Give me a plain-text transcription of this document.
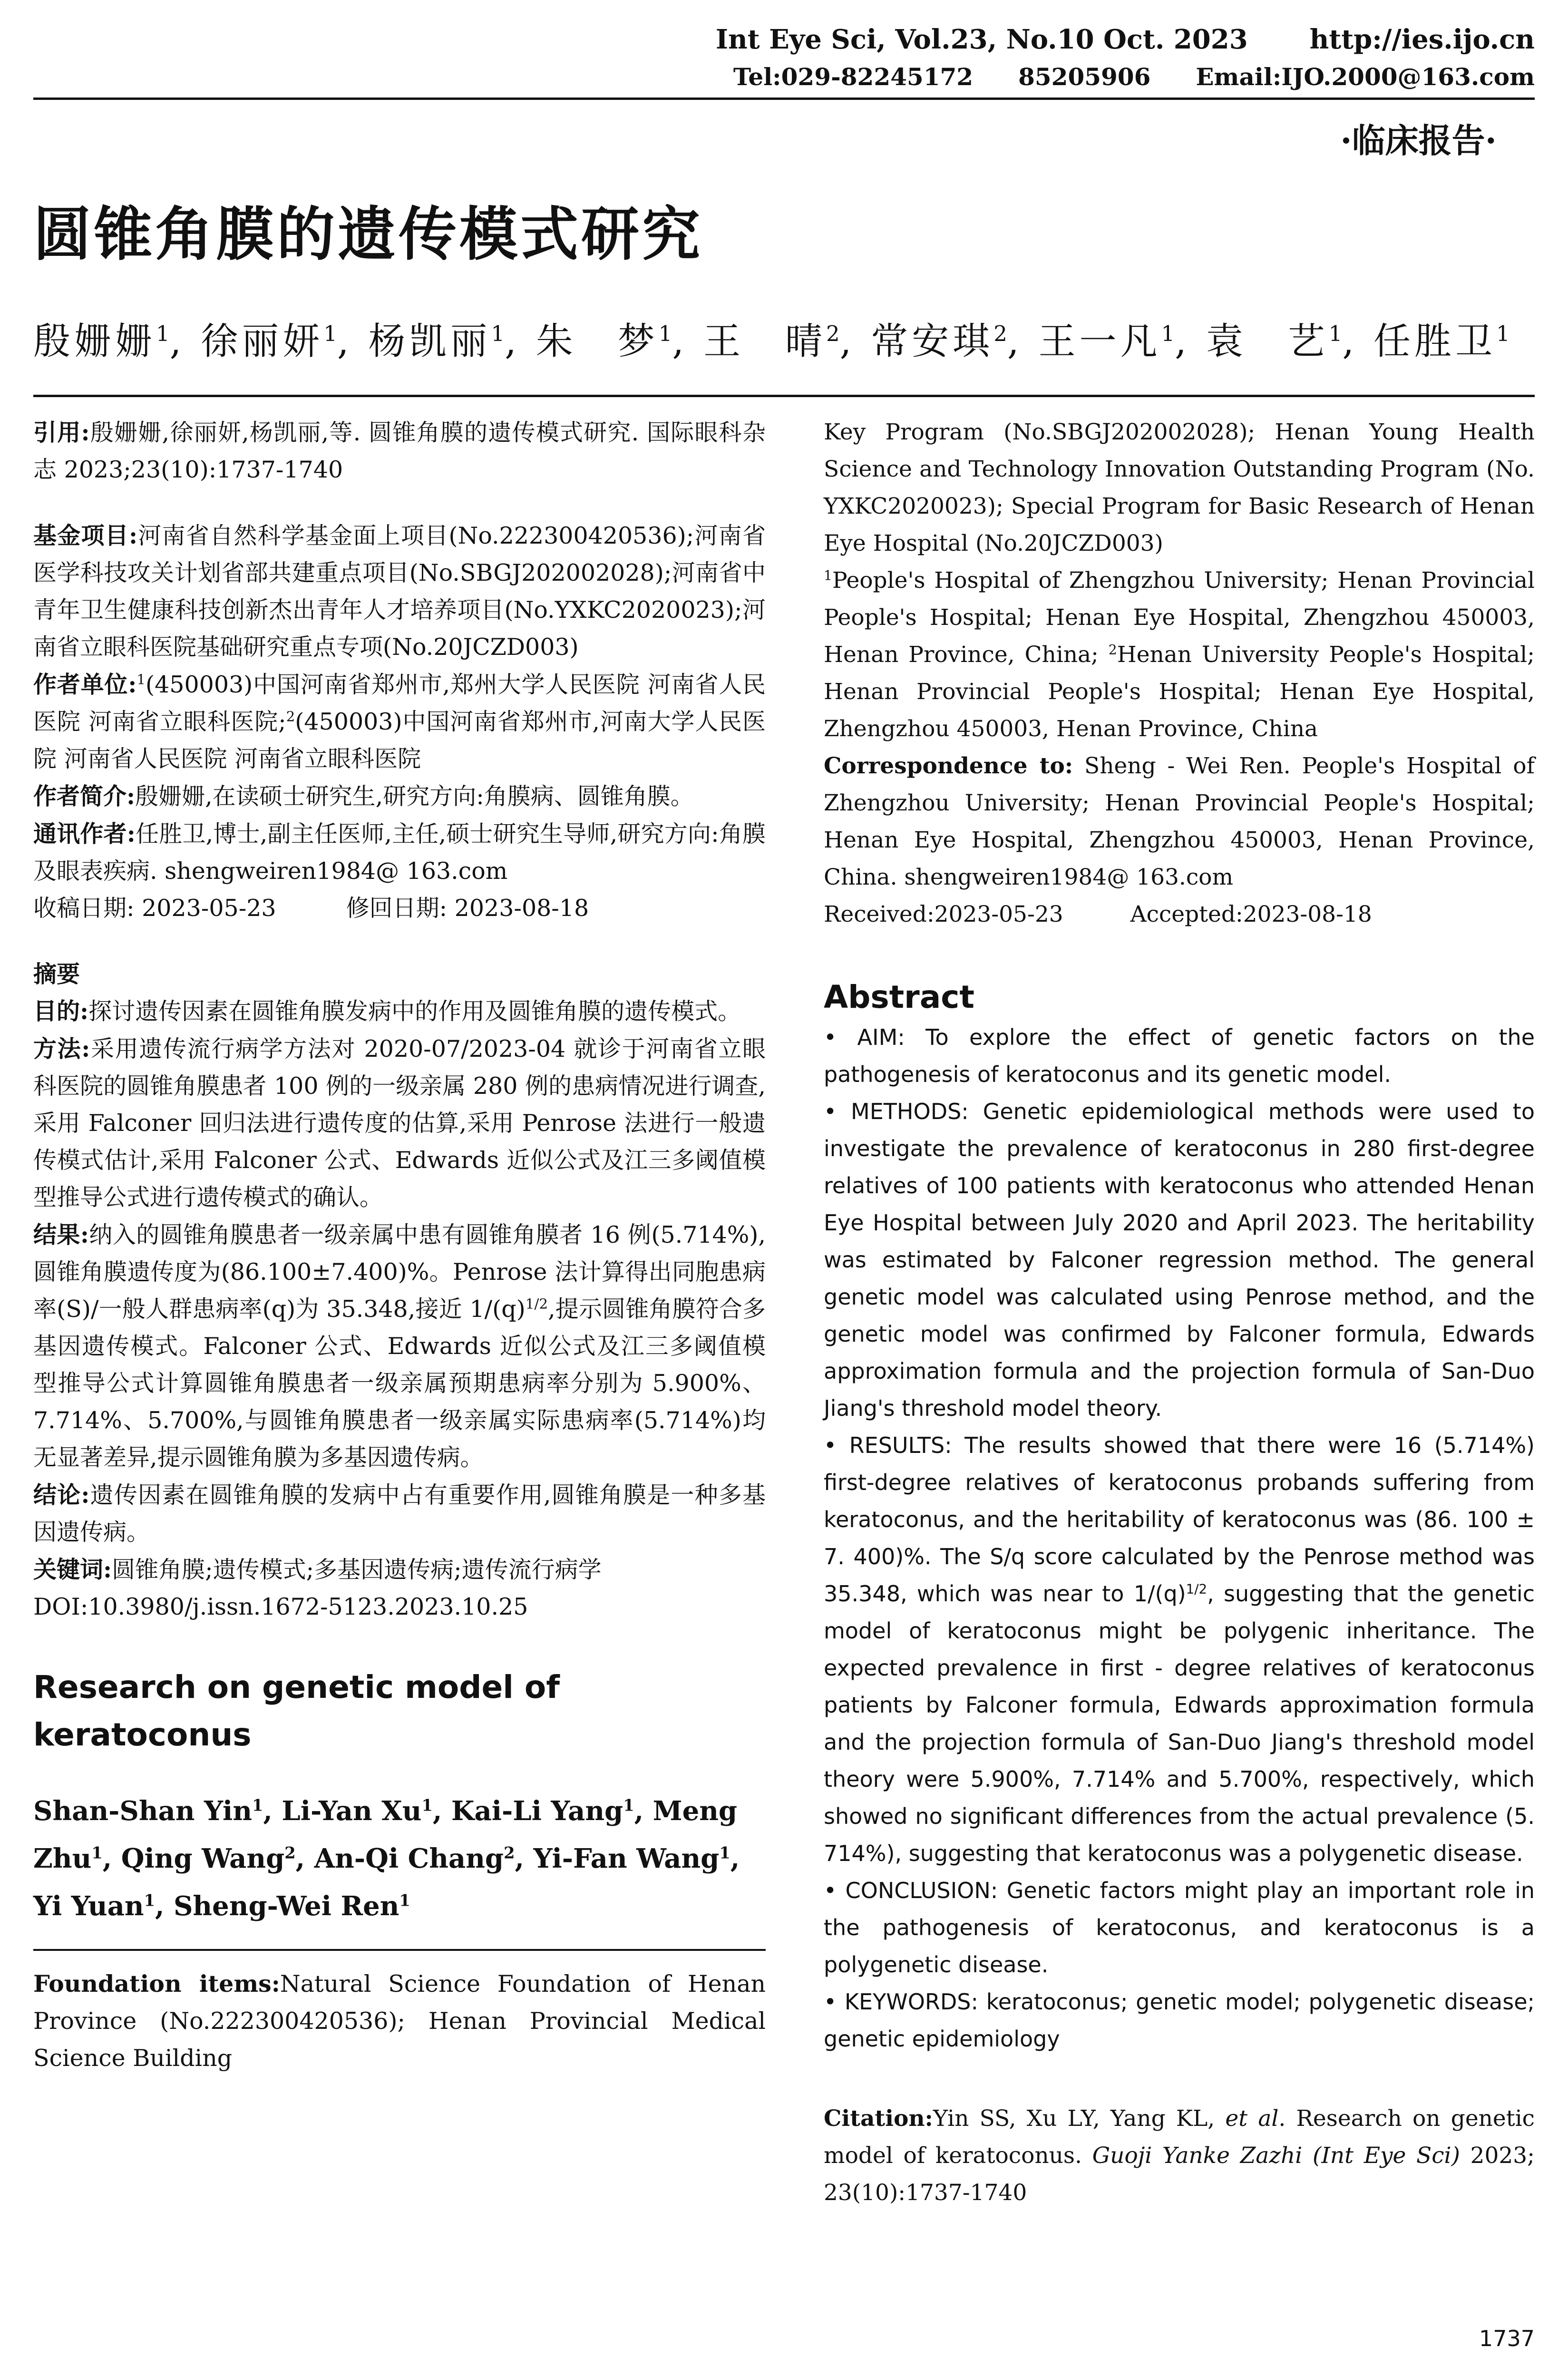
Int Eye Sci, Vol.23, No.10 Oct. 2023 http://ies.ijo.cn
Tel:029-82245172 85205906 Email:IJO.2000@163.com
·临床报告·
圆锥角膜的遗传模式研究
殷姗姗$^1$, 徐丽妍$^1$, 杨凯丽$^1$, 朱　梦$^1$, 王　晴$^2$, 常安琪$^2$, 王一凡$^1$, 袁　艺$^1$, 任胜卫$^1$

引用:殷姗姗,徐丽妍,杨凯丽,等. 圆锥角膜的遗传模式研究. 国际眼科杂志 2023;23(10):1737-1740

基金项目:河南省自然科学基金面上项目(No.222300420536);河南省医学科技攻关计划省部共建重点项目(No.SBGJ202002028);河南省中青年卫生健康科技创新杰出青年人才培养项目(No.YXKC2020023);河南省立眼科医院基础研究重点专项(No.20JCZD003)

作者单位:$^1$(450003)中国河南省郑州市,郑州大学人民医院 河南省人民医院 河南省立眼科医院;$^2$(450003)中国河南省郑州市,河南大学人民医院 河南省人民医院 河南省立眼科医院

作者简介:殷姗姗,在读硕士研究生,研究方向:角膜病、圆锥角膜。

通讯作者:任胜卫,博士,副主任医师,主任,硕士研究生导师,研究方向:角膜及眼表疾病. shengweiren1984@ 163.com

收稿日期: 2023-05-23　　　修回日期: 2023-08-18

摘要

目的:探讨遗传因素在圆锥角膜发病中的作用及圆锥角膜的遗传模式。

方法:采用遗传流行病学方法对 2020-07/2023-04 就诊于河南省立眼科医院的圆锥角膜患者 100 例的一级亲属 280 例的患病情况进行调查,采用 Falconer 回归法进行遗传度的估算,采用 Penrose 法进行一般遗传模式估计,采用 Falconer 公式、Edwards 近似公式及江三多阈值模型推导公式进行遗传模式的确认。

结果:纳入的圆锥角膜患者一级亲属中患有圆锥角膜者 16 例(5.714%),圆锥角膜遗传度为(86.100±7.400)%。Penrose 法计算得出同胞患病率(S)/一般人群患病率(q)为 35.348,接近 $1/(q)^{1/2}$,提示圆锥角膜符合多基因遗传模式。Falconer 公式、Edwards 近似公式及江三多阈值模型推导公式计算圆锥角膜患者一级亲属预期患病率分别为 5.900%、7.714%、5.700%,与圆锥角膜患者一级亲属实际患病率(5.714%)均无显著差异,提示圆锥角膜为多基因遗传病。

结论:遗传因素在圆锥角膜的发病中占有重要作用,圆锥角膜是一种多基因遗传病。

关键词:圆锥角膜;遗传模式;多基因遗传病;遗传流行病学

DOI:10.3980/j.issn.1672-5123.2023.10.25

Research on genetic model of keratoconus

Shan-Shan Yin$^1$, Li-Yan Xu$^1$, Kai-Li Yang$^1$, Meng Zhu$^1$, Qing Wang$^2$, An-Qi Chang$^2$, Yi-Fan Wang$^1$, Yi Yuan$^1$, Sheng-Wei Ren$^1$

Foundation items:Natural Science Foundation of Henan Province (No.222300420536); Henan Provincial Medical Science Building

Key Program (No.SBGJ202002028); Henan Young Health Science and Technology Innovation Outstanding Program (No. YXKC2020023); Special Program for Basic Research of Henan Eye Hospital (No.20JCZD003)

$^1$People's Hospital of Zhengzhou University; Henan Provincial People's Hospital; Henan Eye Hospital, Zhengzhou 450003, Henan Province, China; $^2$Henan University People's Hospital; Henan Provincial People's Hospital; Henan Eye Hospital, Zhengzhou 450003, Henan Province, China

Correspondence to: Sheng - Wei Ren. People's Hospital of Zhengzhou University; Henan Provincial People's Hospital; Henan Eye Hospital, Zhengzhou 450003, Henan Province, China. shengweiren1984@ 163.com

Received:2023-05-23　　　Accepted:2023-08-18

Abstract

• AIM: To explore the effect of genetic factors on the pathogenesis of keratoconus and its genetic model.

• METHODS: Genetic epidemiological methods were used to investigate the prevalence of keratoconus in 280 first-degree relatives of 100 patients with keratoconus who attended Henan Eye Hospital between July 2020 and April 2023. The heritability was estimated by Falconer regression method. The general genetic model was calculated using Penrose method, and the genetic model was confirmed by Falconer formula, Edwards approximation formula and the projection formula of San-Duo Jiang's threshold model theory.

• RESULTS: The results showed that there were 16 (5.714%) first-degree relatives of keratoconus probands suffering from keratoconus, and the heritability of keratoconus was (86. 100 ± 7. 400)%. The S/q score calculated by the Penrose method was 35.348, which was near to $1/(q)^{1/2}$, suggesting that the genetic model of keratoconus might be polygenic inheritance. The expected prevalence in first - degree relatives of keratoconus patients by Falconer formula, Edwards approximation formula and the projection formula of San-Duo Jiang's threshold model theory were 5.900%, 7.714% and 5.700%, respectively, which showed no significant differences from the actual prevalence (5. 714%), suggesting that keratoconus was a polygenetic disease.

• CONCLUSION: Genetic factors might play an important role in the pathogenesis of keratoconus, and keratoconus is a polygenetic disease.

• KEYWORDS: keratoconus; genetic model; polygenetic disease; genetic epidemiology

Citation:Yin SS, Xu LY, Yang KL, et al. Research on genetic model of keratoconus. Guoji Yanke Zazhi (Int Eye Sci) 2023; 23(10):1737-1740

1737
